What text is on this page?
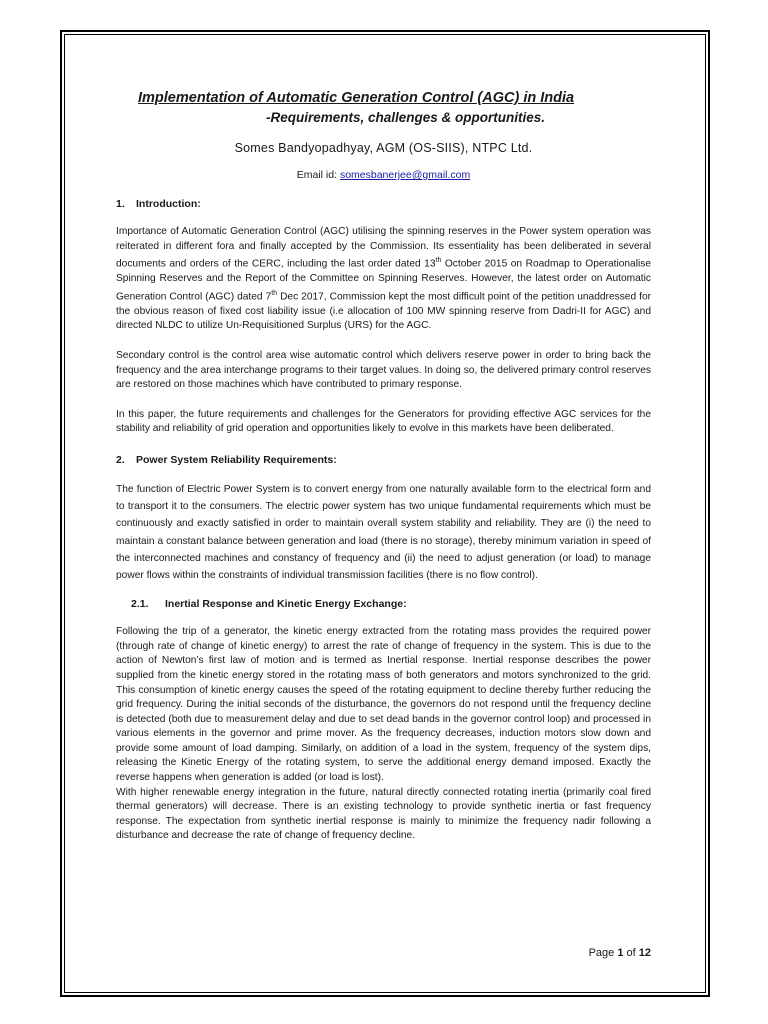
Implementation of Automatic Generation Control (AGC) in India
-Requirements, challenges & opportunities.
Somes Bandyopadhyay, AGM (OS-SIIS), NTPC Ltd.
Email id: somesbanerjee@gmail.com
1. Introduction:

Importance of Automatic Generation Control (AGC) utilising the spinning reserves in the Power system operation was reiterated in different fora and finally accepted by the Commission. Its essentiality has been deliberated in several documents and orders of the CERC, including the last order dated 13th October 2015 on Roadmap to Operationalise Spinning Reserves and the Report of the Committee on Spinning Reserves. However, the latest order on Automatic Generation Control (AGC) dated 7th Dec 2017, Commission kept the most difficult point of the petition unaddressed for the obvious reason of fixed cost liability issue (i.e allocation of 100 MW spinning reserve from Dadri-II for AGC) and directed NLDC to utilize Un-Requisitioned Surplus (URS) for the AGC.

Secondary control is the control area wise automatic control which delivers reserve power in order to bring back the frequency and the area interchange programs to their target values. In doing so, the delivered primary control reserves are restored on those machines which have contributed to primary response.

In this paper, the future requirements and challenges for the Generators for providing effective AGC services for the stability and reliability of grid operation and opportunities likely to evolve in this markets have been deliberated.

2. Power System Reliability Requirements:

The function of Electric Power System is to convert energy from one naturally available form to the electrical form and to transport it to the consumers. The electric power system has two unique fundamental requirements which must be continuously and exactly satisfied in order to maintain overall system stability and reliability. They are (i) the need to maintain a constant balance between generation and load (there is no storage), thereby minimum variation in speed of the interconnected machines and constancy of frequency and (ii) the need to adjust generation (or load) to manage power flows within the constraints of individual transmission facilities (there is no flow control).

2.1. Inertial Response and Kinetic Energy Exchange:

Following the trip of a generator, the kinetic energy extracted from the rotating mass provides the required power (through rate of change of kinetic energy) to arrest the rate of change of frequency in the system. This is due to the action of Newton’s first law of motion and is termed as Inertial response. Inertial response describes the power supplied from the kinetic energy stored in the rotating mass of both generators and motors synchronized to the grid. This consumption of kinetic energy causes the speed of the rotating equipment to decline thereby further reducing the grid frequency. During the initial seconds of the disturbance, the governors do not respond until the frequency decline is detected (both due to measurement delay and due to set dead bands in the governor control loop) and processed in various elements in the governor and prime mover. As the frequency decreases, induction motors slow down and provide some amount of load damping. Similarly, on addition of a load in the system, frequency of the system dips, releasing the Kinetic Energy of the rotating system, to serve the additional energy demand imposed. Exactly the reverse happens when generation is added (or load is lost).

With higher renewable energy integration in the future, natural directly connected rotating inertia (primarily coal fired thermal generators) will decrease. There is an existing technology to provide synthetic inertia or fast frequency response. The expectation from synthetic inertial response is mainly to minimize the frequency nadir following a disturbance and decrease the rate of change of frequency decline.

Page 1 of 12
